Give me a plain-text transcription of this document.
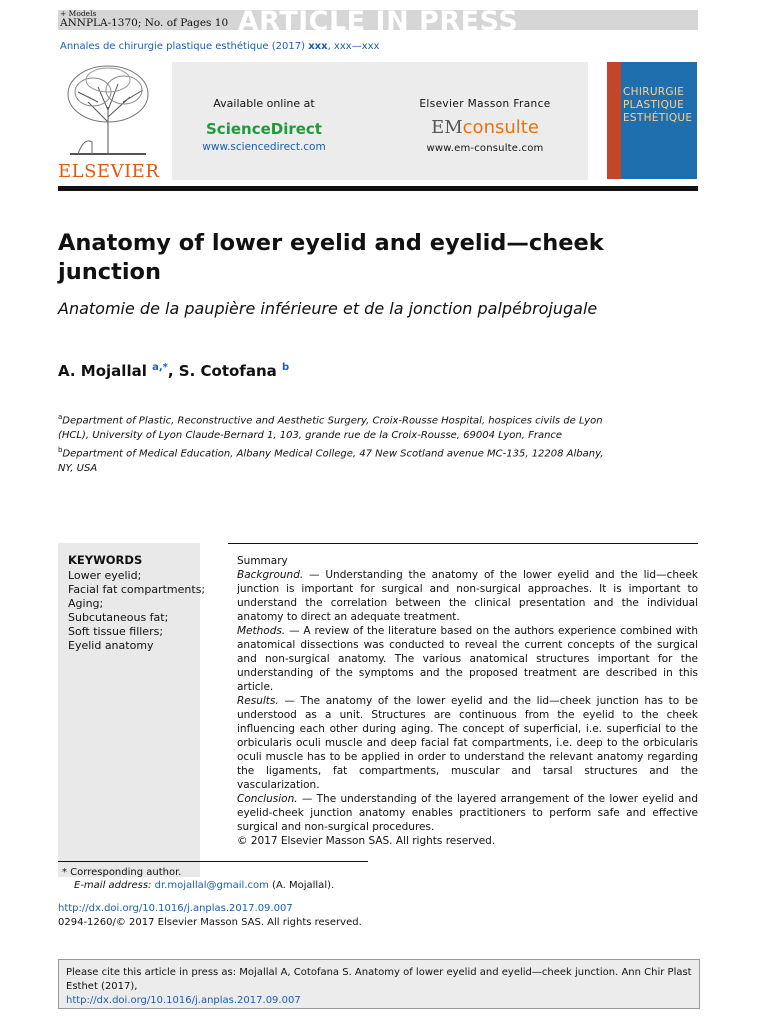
ARTICLE IN PRESS
+ Models
ANNPLA-1370; No. of Pages 10
Annales de chirurgie plastique esthétique (2017) xxx, xxx—xxx
ELSEVIER
Available online at
ScienceDirect
www.sciencedirect.com
Elsevier Masson France
EMconsulte
www.em-consulte.com
CHIRURGIE
PLASTIQUE
ESTHÉTIQUE
Anatomy of lower eyelid and eyelid—cheek junction
Anatomie de la paupière inférieure et de la jonction palpébrojugale
A. Mojallal $^{a,*}$, S. Cotofana $^b$
$^a$Department of Plastic, Reconstructive and Aesthetic Surgery, Croix-Rousse Hospital, hospices civils de Lyon (HCL), University of Lyon Claude-Bernard 1, 103, grande rue de la Croix-Rousse, 69004 Lyon, France
$^b$Department of Medical Education, Albany Medical College, 47 New Scotland avenue MC-135, 12208 Albany, NY, USA
KEYWORDS
Lower eyelid;
Facial fat compartments;
Aging;
Subcutaneous fat;
Soft tissue fillers;
Eyelid anatomy

Summary

Background. — Understanding the anatomy of the lower eyelid and the lid—cheek junction is important for surgical and non-surgical approaches. It is important to understand the correlation between the clinical presentation and the individual anatomy to direct an adequate treatment.

Methods. — A review of the literature based on the authors experience combined with anatomical dissections was conducted to reveal the current concepts of the surgical and non-surgical anatomy. The various anatomical structures important for the understanding of the symptoms and the proposed treatment are described in this article.

Results. — The anatomy of the lower eyelid and the lid—cheek junction has to be understood as a unit. Structures are continuous from the eyelid to the cheek influencing each other during aging. The concept of superficial, i.e. superficial to the orbicularis oculi muscle and deep facial fat compartments, i.e. deep to the orbicularis oculi muscle has to be applied in order to understand the relevant anatomy regarding the ligaments, fat compartments, muscular and tarsal structures and the vascularization.

Conclusion. — The understanding of the layered arrangement of the lower eyelid and eyelid-cheek junction anatomy enables practitioners to perform safe and effective surgical and non-surgical procedures.

© 2017 Elsevier Masson SAS. All rights reserved.

* Corresponding author.
E-mail address: dr.mojallal@gmail.com (A. Mojallal).
http://dx.doi.org/10.1016/j.anplas.2017.09.007
0294-1260/© 2017 Elsevier Masson SAS. All rights reserved.
Please cite this article in press as: Mojallal A, Cotofana S. Anatomy of lower eyelid and eyelid—cheek junction. Ann Chir Plast Esthet (2017),
http://dx.doi.org/10.1016/j.anplas.2017.09.007
